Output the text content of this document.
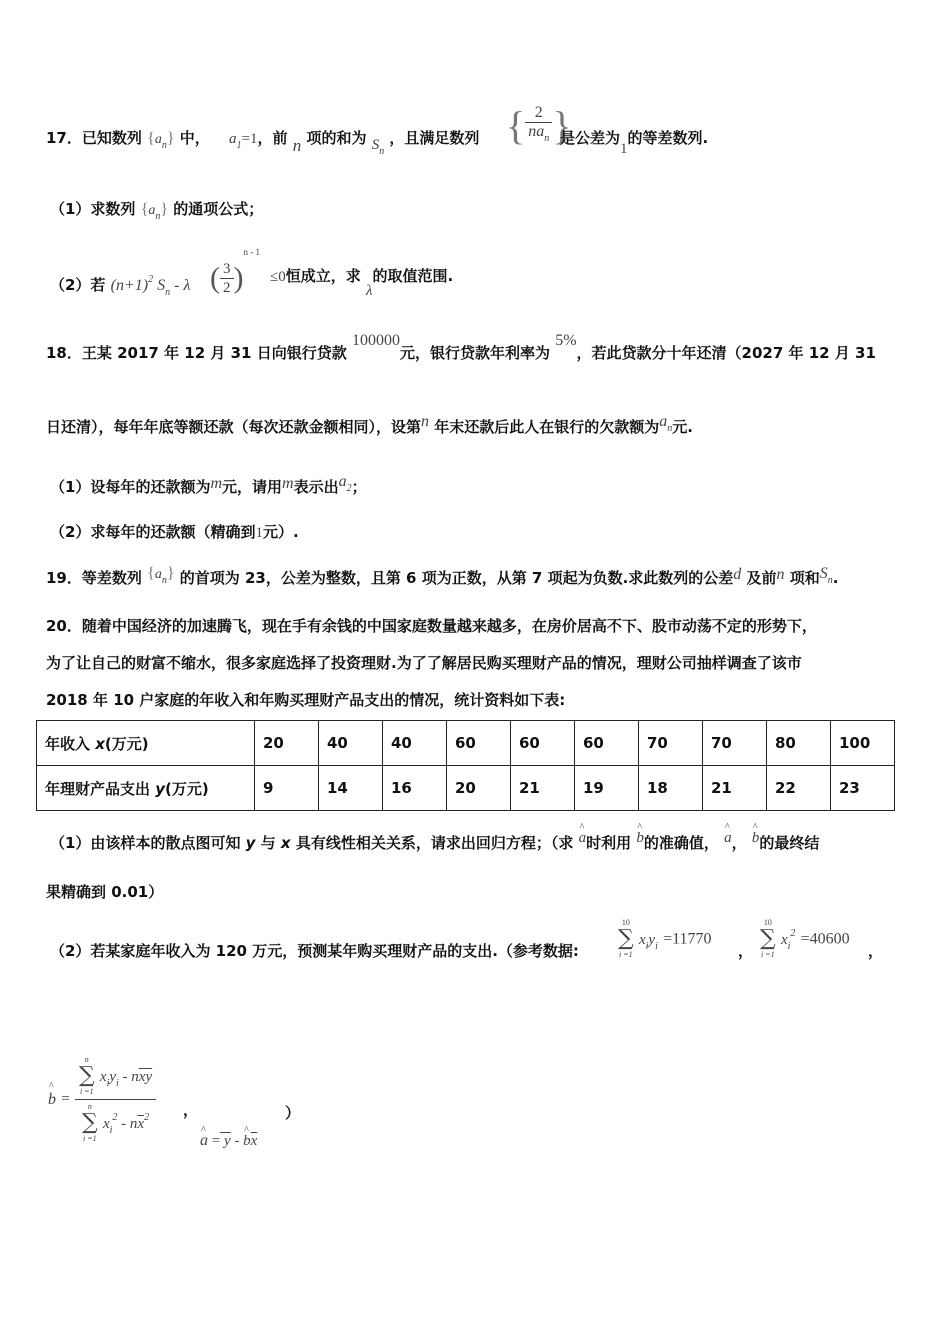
17．已知数列 $\{a_n\}$ 中， $a_1=1$，前 n 项的和为 $S_n$ ，且满足数列 { $\frac{2}{na_n}$ }
是公差为1的等差数列.
（1）求数列 $\{a_n\}$ 的通项公式；
（2）若 $(n+1)^2$ $S_n$ - λ ( $\frac{3}{2} )^{n - 1}$
≤0恒成立，求 λ的取值范围.
18．王某 2017 年 12 月 31 日向银行贷款 100000元，银行贷款年利率为 5%，若此贷款分十年还清（2027 年 12 月 31
日还清），每年年底等额还款（每次还款金额相同），设第n 年末还款后此人在银行的欠款额为$a_n$元.
（1）设每年的还款额为m元，请用m表示出$a_2$；
（2）求每年的还款额（精确到1元）.
19．等差数列 $\{a_n\}$ 的首项为 23，公差为整数，且第 6 项为正数，从第 7 项起为负数.求此数列的公差d 及前n 项和$S_n$.
20．随着中国经济的加速腾飞，现在手有余钱的中国家庭数量越来越多，在房价居高不下、股市动荡不定的形势下，
为了让自己的财富不缩水，很多家庭选择了投资理财.为了了解居民购买理财产品的情况，理财公司抽样调查了该市
2018 年 10 户家庭的年收入和年购买理财产品支出的情况，统计资料如下表:
年收入 x(万元)	20	40	40	60	60	60	70	70	80	100
年理财产品支出 y(万元)	9	14	16	20	21	19	18	21	22	23
（1）由该样本的散点图可知 y 与 x 具有线性相关关系，请求出回归方程；（求 ^ a时利用 ^ b的准确值， ^ a， ^ b的最终结
果精确到 0.01）
（2）若某家庭年收入为 120 万元，预测某年购买理财产品的支出.（参考数据:
10
∑
i =1
$x_iy_i =11770$
，
10
∑
i =1
$x_i^2 =40600$
，
^ b =
n
∑
i =1
$x_iy_i - n\overline{x}\overline{y}$
n
∑
i =1
$x_i^2 - n\overline{x}^2$	，
^ a = y - ^ $b\overline{x}$
）
